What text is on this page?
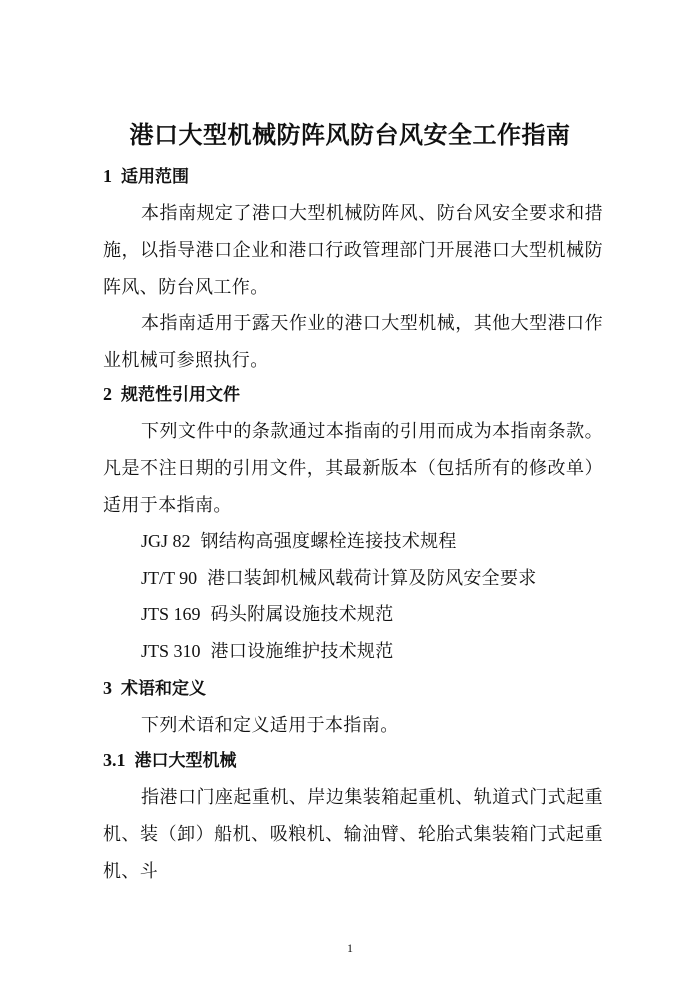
港口大型机械防阵风防台风安全工作指南
1 适用范围

本指南规定了港口大型机械防阵风、防台风安全要求和措施，以指导港口企业和港口行政管理部门开展港口大型机械防阵风、防台风工作。

本指南适用于露天作业的港口大型机械，其他大型港口作业机械可参照执行。

2 规范性引用文件

下列文件中的条款通过本指南的引用而成为本指南条款。凡是不注日期的引用文件，其最新版本（包括所有的修改单）适用于本指南。

JGJ 82 钢结构高强度螺栓连接技术规程
JT/T 90 港口装卸机械风载荷计算及防风安全要求
JTS 169 码头附属设施技术规范
JTS 310 港口设施维护技术规范
3 术语和定义

下列术语和定义适用于本指南。

3.1 港口大型机械

指港口门座起重机、岸边集装箱起重机、轨道式门式起重机、装（卸）船机、吸粮机、输油臂、轮胎式集装箱门式起重机、斗

1
